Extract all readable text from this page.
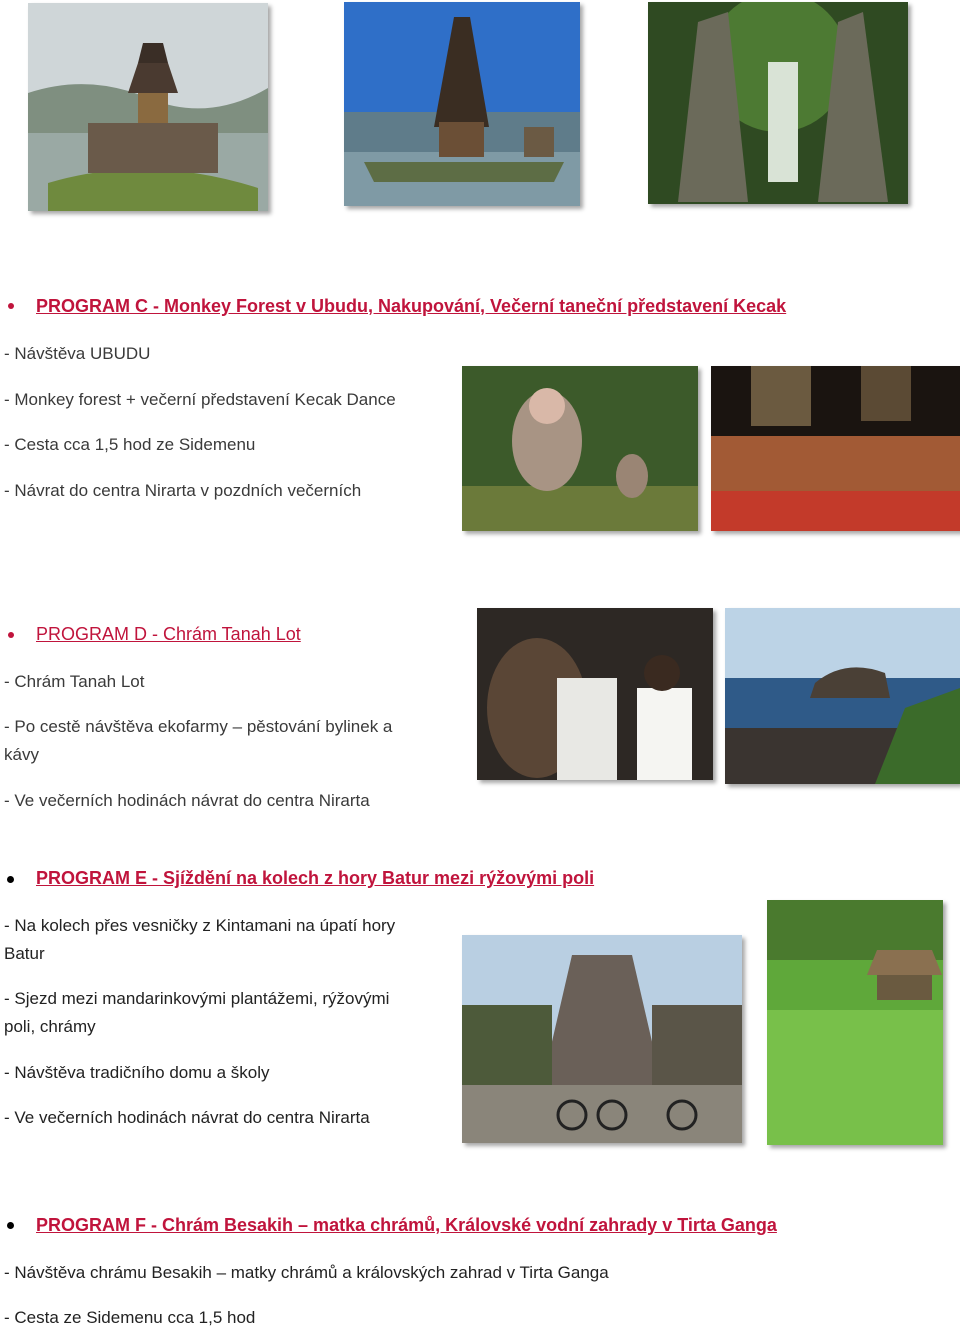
PROGRAM C - Monkey Forest v Ubudu, Nakupování, Večerní taneční představení Kecak
- Návštěva UBUDU
- Monkey forest + večerní představení Kecak Dance
- Cesta cca 1,5 hod ze Sidemenu
- Návrat do centra Nirarta v pozdních večerních
PROGRAM D - Chrám Tanah Lot
- Chrám Tanah Lot
- Po cestě návštěva ekofarmy – pěstování bylinek a
kávy
- Ve večerních hodinách návrat do centra Nirarta
PROGRAM E - Sjíždění na kolech z hory Batur mezi rýžovými poli
- Na kolech přes vesničky z Kintamani na úpatí hory
Batur
- Sjezd mezi mandarinkovými plantážemi, rýžovými
poli, chrámy
- Návštěva tradičního domu a školy
- Ve večerních hodinách návrat do centra Nirarta
PROGRAM F - Chrám Besakih – matka chrámů, Královské vodní zahrady v Tirta Ganga
- Návštěva chrámu Besakih – matky chrámů a královských zahrad v Tirta Ganga
- Cesta ze Sidemenu cca 1,5 hod
